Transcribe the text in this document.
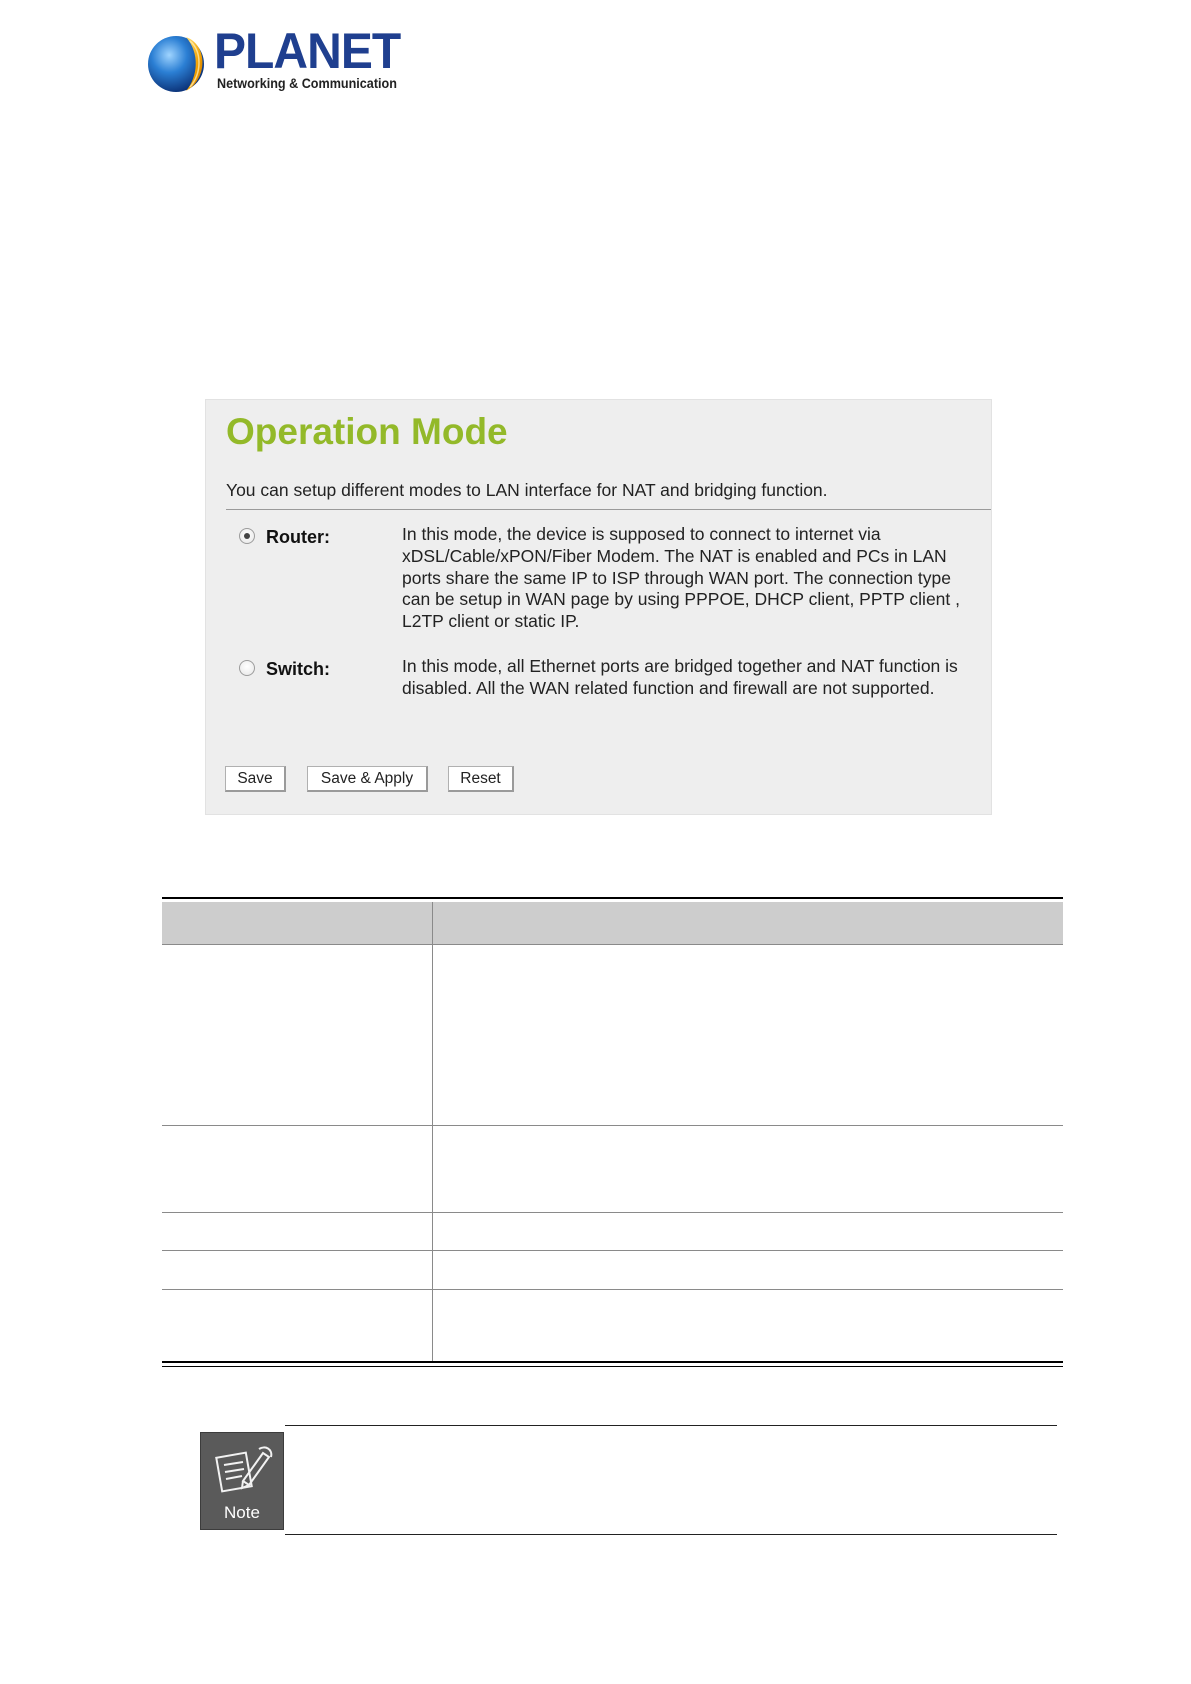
PLANET
Networking & Communication
Operation Mode
You can setup different modes to LAN interface for NAT and bridging function.
Router:	In this mode, the device is supposed to connect to internet via xDSL/Cable/xPON/Fiber Modem. The NAT is enabled and PCs in LAN ports share the same IP to ISP through WAN port. The connection type can be setup in WAN page by using PPPOE, DHCP client, PPTP client , L2TP client or static IP.
Switch:	In this mode, all Ethernet ports are bridged together and NAT function is disabled. All the WAN related function and firewall are not supported.
Save	Save & Apply	Reset
Note
